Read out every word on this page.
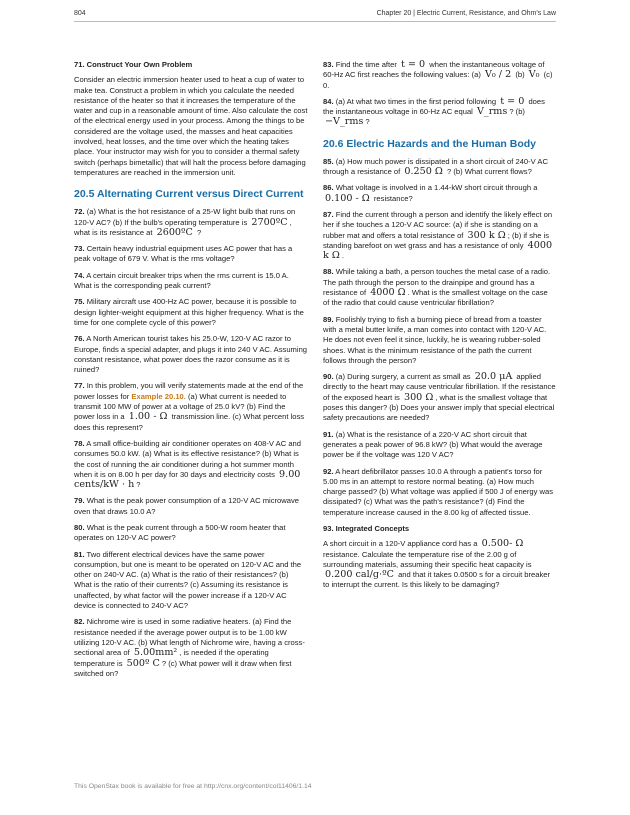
804	Chapter 20 | Electric Current, Resistance, and Ohm's Law
71. Construct Your Own Problem

Consider an electric immersion heater used to heat a cup of water to make tea. Construct a problem in which you calculate the needed resistance of the heater so that it increases the temperature of the water and cup in a reasonable amount of time. Also calculate the cost of the electrical energy used in your process. Among the things to be considered are the voltage used, the masses and heat capacities involved, heat losses, and the time over which the heating takes place. Your instructor may wish for you to consider a thermal safety switch (perhaps bimetallic) that will halt the process before damaging temperatures are reached in the immersion unit.

20.5 Alternating Current versus Direct Current

72. (a) What is the hot resistance of a 25-W light bulb that runs on 120-V AC? (b) If the bulb's operating temperature is 2700ºC , what is its resistance at 2600ºC ?

73. Certain heavy industrial equipment uses AC power that has a peak voltage of 679 V. What is the rms voltage?

74. A certain circuit breaker trips when the rms current is 15.0 A. What is the corresponding peak current?

75. Military aircraft use 400-Hz AC power, because it is possible to design lighter-weight equipment at this higher frequency. What is the time for one complete cycle of this power?

76. A North American tourist takes his 25.0-W, 120-V AC razor to Europe, finds a special adapter, and plugs it into 240 V AC. Assuming constant resistance, what power does the razor consume as it is ruined?

77. In this problem, you will verify statements made at the end of the power losses for Example 20.10. (a) What current is needed to transmit 100 MW of power at a voltage of 25.0 kV? (b) Find the power loss in a 1.00 - Ω transmission line. (c) What percent loss does this represent?

78. A small office-building air conditioner operates on 408-V AC and consumes 50.0 kW. (a) What is its effective resistance? (b) What is the cost of running the air conditioner during a hot summer month when it is on 8.00 h per day for 30 days and electricity costs 9.00 cents/kW · h ?

79. What is the peak power consumption of a 120-V AC microwave oven that draws 10.0 A?

80. What is the peak current through a 500-W room heater that operates on 120-V AC power?

81. Two different electrical devices have the same power consumption, but one is meant to be operated on 120-V AC and the other on 240-V AC. (a) What is the ratio of their resistances? (b) What is the ratio of their currents? (c) Assuming its resistance is unaffected, by what factor will the power increase if a 120-V AC device is connected to 240-V AC?

82. Nichrome wire is used in some radiative heaters. (a) Find the resistance needed if the average power output is to be 1.00 kW utilizing 120-V AC. (b) What length of Nichrome wire, having a cross-sectional area of 5.00mm² , is needed if the operating temperature is 500º C ? (c) What power will it draw when first switched on?

83. Find the time after t = 0 when the instantaneous voltage of 60-Hz AC first reaches the following values: (a) V₀ / 2 (b) V₀ (c) 0.

84. (a) At what two times in the first period following t = 0 does the instantaneous voltage in 60-Hz AC equal V_rms ? (b) −V_rms ?

20.6 Electric Hazards and the Human Body

85. (a) How much power is dissipated in a short circuit of 240-V AC through a resistance of 0.250 Ω ? (b) What current flows?

86. What voltage is involved in a 1.44-kW short circuit through a 0.100 - Ω resistance?

87. Find the current through a person and identify the likely effect on her if she touches a 120-V AC source: (a) if she is standing on a rubber mat and offers a total resistance of 300 k Ω ; (b) if she is standing barefoot on wet grass and has a resistance of only 4000 k Ω .

88. While taking a bath, a person touches the metal case of a radio. The path through the person to the drainpipe and ground has a resistance of 4000 Ω . What is the smallest voltage on the case of the radio that could cause ventricular fibrillation?

89. Foolishly trying to fish a burning piece of bread from a toaster with a metal butter knife, a man comes into contact with 120-V AC. He does not even feel it since, luckily, he is wearing rubber-soled shoes. What is the minimum resistance of the path the current follows through the person?

90. (a) During surgery, a current as small as 20.0 μA applied directly to the heart may cause ventricular fibrillation. If the resistance of the exposed heart is 300 Ω , what is the smallest voltage that poses this danger? (b) Does your answer imply that special electrical safety precautions are needed?

91. (a) What is the resistance of a 220-V AC short circuit that generates a peak power of 96.8 kW? (b) What would the average power be if the voltage was 120 V AC?

92. A heart defibrillator passes 10.0 A through a patient's torso for 5.00 ms in an attempt to restore normal beating. (a) How much charge passed? (b) What voltage was applied if 500 J of energy was dissipated? (c) What was the path's resistance? (d) Find the temperature increase caused in the 8.00 kg of affected tissue.

93. Integrated Concepts

A short circuit in a 120-V appliance cord has a 0.500- Ω resistance. Calculate the temperature rise of the 2.00 g of surrounding materials, assuming their specific heat capacity is 0.200 cal/g·ºC and that it takes 0.0500 s for a circuit breaker to interrupt the current. Is this likely to be damaging?

This OpenStax book is available for free at http://cnx.org/content/col11406/1.14
